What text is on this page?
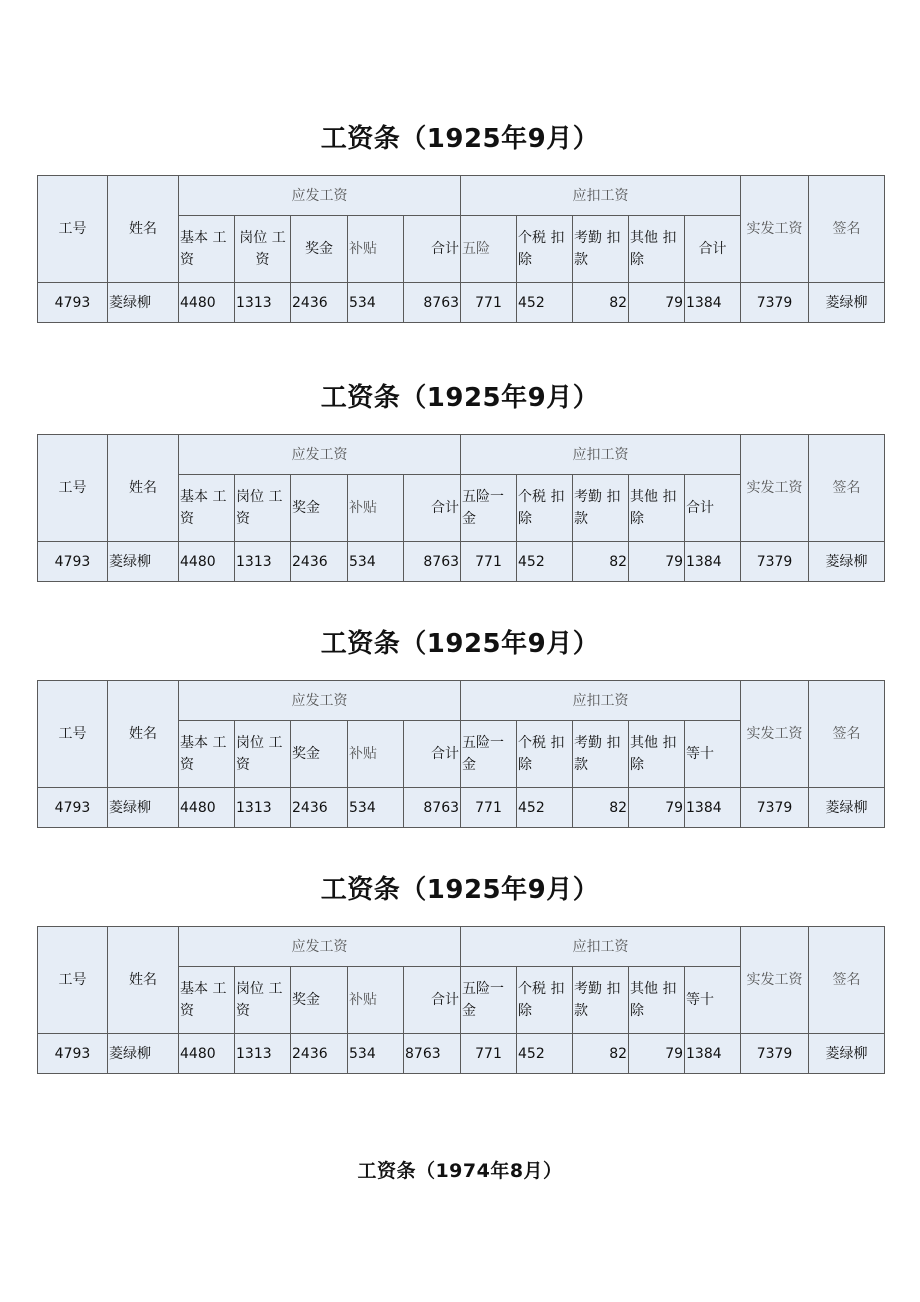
工资条（1925年9月）
工号	姓名	应发工资					应扣工资					实发工资	签名
		基本 工资	岗位 工资	奖金	补贴	合计	五险	个税 扣除	考勤 扣款	其他 扣除	合计		
4793	菱绿柳	4480	1313	2436	534	8763	771	452	82	79	1384	7379	菱绿柳
工资条（1925年9月）
工号	姓名	应发工资					应扣工资					实发工资	签名
		基本 工资	岗位 工资	奖金	补贴	合计	五险一金	个税 扣除	考勤 扣款	其他 扣除	合计		
4793	菱绿柳	4480	1313	2436	534	8763	771	452	82	79	1384	7379	菱绿柳
工资条（1925年9月）
工号	姓名	应发工资					应扣工资					实发工资	签名
		基本 工资	岗位 工资	奖金	补贴	合计	五险一金	个税 扣除	考勤 扣款	其他 扣除	等十		
4793	菱绿柳	4480	1313	2436	534	8763	771	452	82	79	1384	7379	菱绿柳
工资条（1925年9月）
工号	姓名	应发工资					应扣工资					实发工资	签名
		基本 工资	岗位 工资	奖金	补贴	合计	五险一金	个税 扣除	考勤 扣款	其他 扣除	等十		
4793	菱绿柳	4480	1313	2436	534	8763	771	452	82	79	1384	7379	菱绿柳
工资条（1974年8月）
